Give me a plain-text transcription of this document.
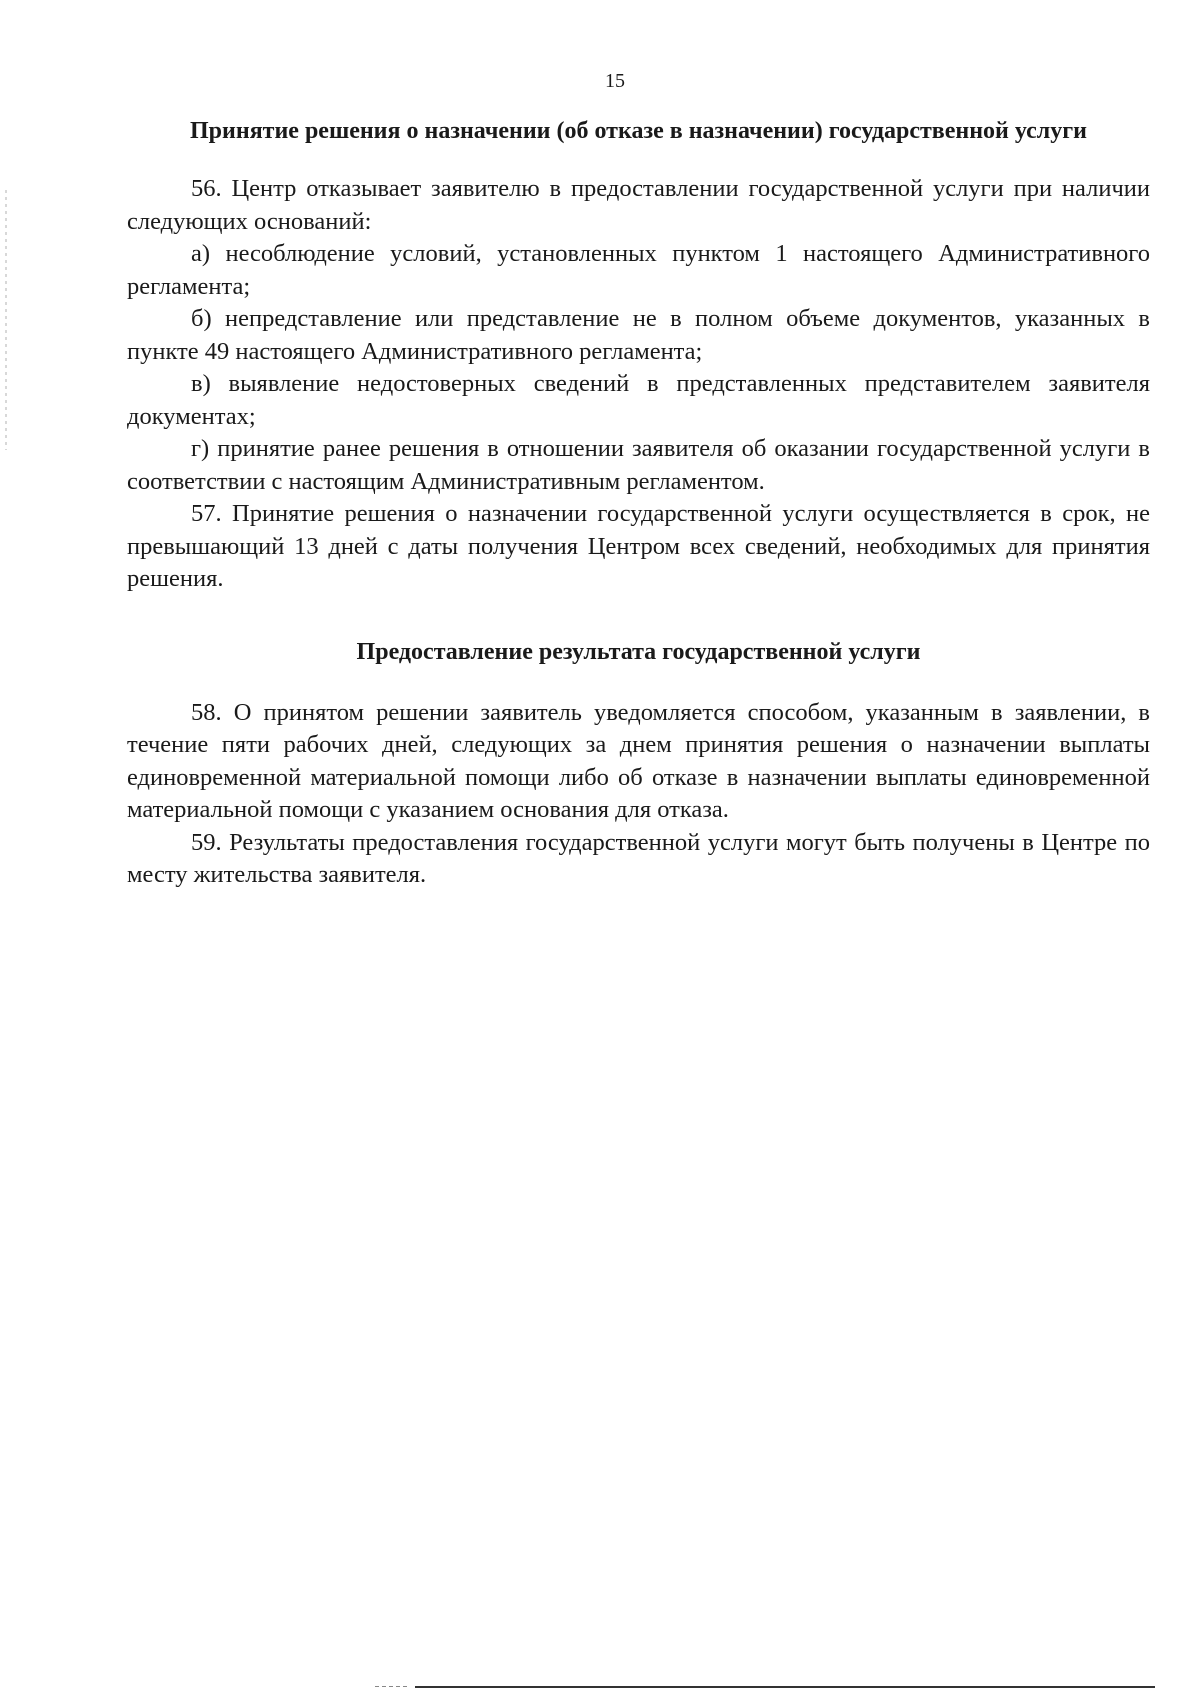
15
Принятие решения о назначении (об отказе в назначении) государственной услуги

56. Центр отказывает заявителю в предоставлении государственной услуги при наличии следующих оснований:

а) несоблюдение условий, установленных пунктом 1 настоящего Административного регламента;

б) непредставление или представление не в полном объеме документов, указанных в пункте 49 настоящего Административного регламента;

в) выявление недостоверных сведений в представленных представителем заявителя документах;

г) принятие ранее решения в отношении заявителя об оказании государственной услуги в соответствии с настоящим Административным регламентом.

57. Принятие решения о назначении государственной услуги осуществляется в срок, не превышающий 13 дней с даты получения Центром всех сведений, необходимых для принятия решения.

Предоставление результата государственной услуги

58. О принятом решении заявитель уведомляется способом, указанным в заявлении, в течение пяти рабочих дней, следующих за днем принятия решения о назначении выплаты единовременной материальной помощи либо об отказе в назначении выплаты единовременной материальной помощи с указанием основания для отказа.

59. Результаты предоставления государственной услуги могут быть получены в Центре по месту жительства заявителя.
